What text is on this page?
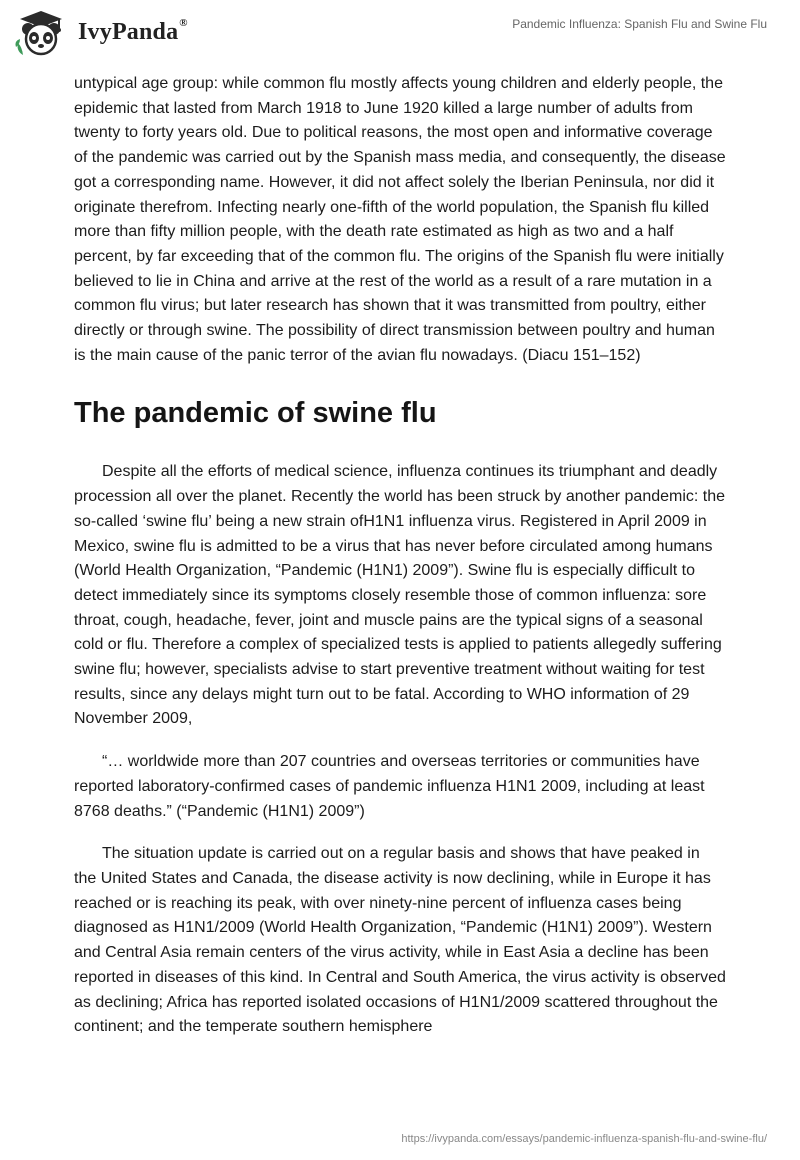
IvyPanda®	Pandemic Influenza: Spanish Flu and Swine Flu

untypical age group: while common flu mostly affects young children and elderly people, the epidemic that lasted from March 1918 to June 1920 killed a large number of adults from twenty to forty years old. Due to political reasons, the most open and informative coverage of the pandemic was carried out by the Spanish mass media, and consequently, the disease got a corresponding name. However, it did not affect solely the Iberian Peninsula, nor did it originate therefrom. Infecting nearly one-fifth of the world population, the Spanish flu killed more than fifty million people, with the death rate estimated as high as two and a half percent, by far exceeding that of the common flu. The origins of the Spanish flu were initially believed to lie in China and arrive at the rest of the world as a result of a rare mutation in a common flu virus; but later research has shown that it was transmitted from poultry, either directly or through swine. The possibility of direct transmission between poultry and human is the main cause of the panic terror of the avian flu nowadays. (Diacu 151–152)

The pandemic of swine flu

Despite all the efforts of medical science, influenza continues its triumphant and deadly procession all over the planet. Recently the world has been struck by another pandemic: the so-called ‘swine flu’ being a new strain ofH1N1 influenza virus. Registered in April 2009 in Mexico, swine flu is admitted to be a virus that has never before circulated among humans (World Health Organization, “Pandemic (H1N1) 2009”). Swine flu is especially difficult to detect immediately since its symptoms closely resemble those of common influenza: sore throat, cough, headache, fever, joint and muscle pains are the typical signs of a seasonal cold or flu. Therefore a complex of specialized tests is applied to patients allegedly suffering swine flu; however, specialists advise to start preventive treatment without waiting for test results, since any delays might turn out to be fatal. According to WHO information of 29 November 2009,

“… worldwide more than 207 countries and overseas territories or communities have reported laboratory-confirmed cases of pandemic influenza H1N1 2009, including at least 8768 deaths.” (“Pandemic (H1N1) 2009”)

The situation update is carried out on a regular basis and shows that have peaked in the United States and Canada, the disease activity is now declining, while in Europe it has reached or is reaching its peak, with over ninety-nine percent of influenza cases being diagnosed as H1N1/2009 (World Health Organization, “Pandemic (H1N1) 2009”). Western and Central Asia remain centers of the virus activity, while in East Asia a decline has been reported in diseases of this kind. In Central and South America, the virus activity is observed as declining; Africa has reported isolated occasions of H1N1/2009 scattered throughout the continent; and the temperate southern hemisphere

https://ivypanda.com/essays/pandemic-influenza-spanish-flu-and-swine-flu/
